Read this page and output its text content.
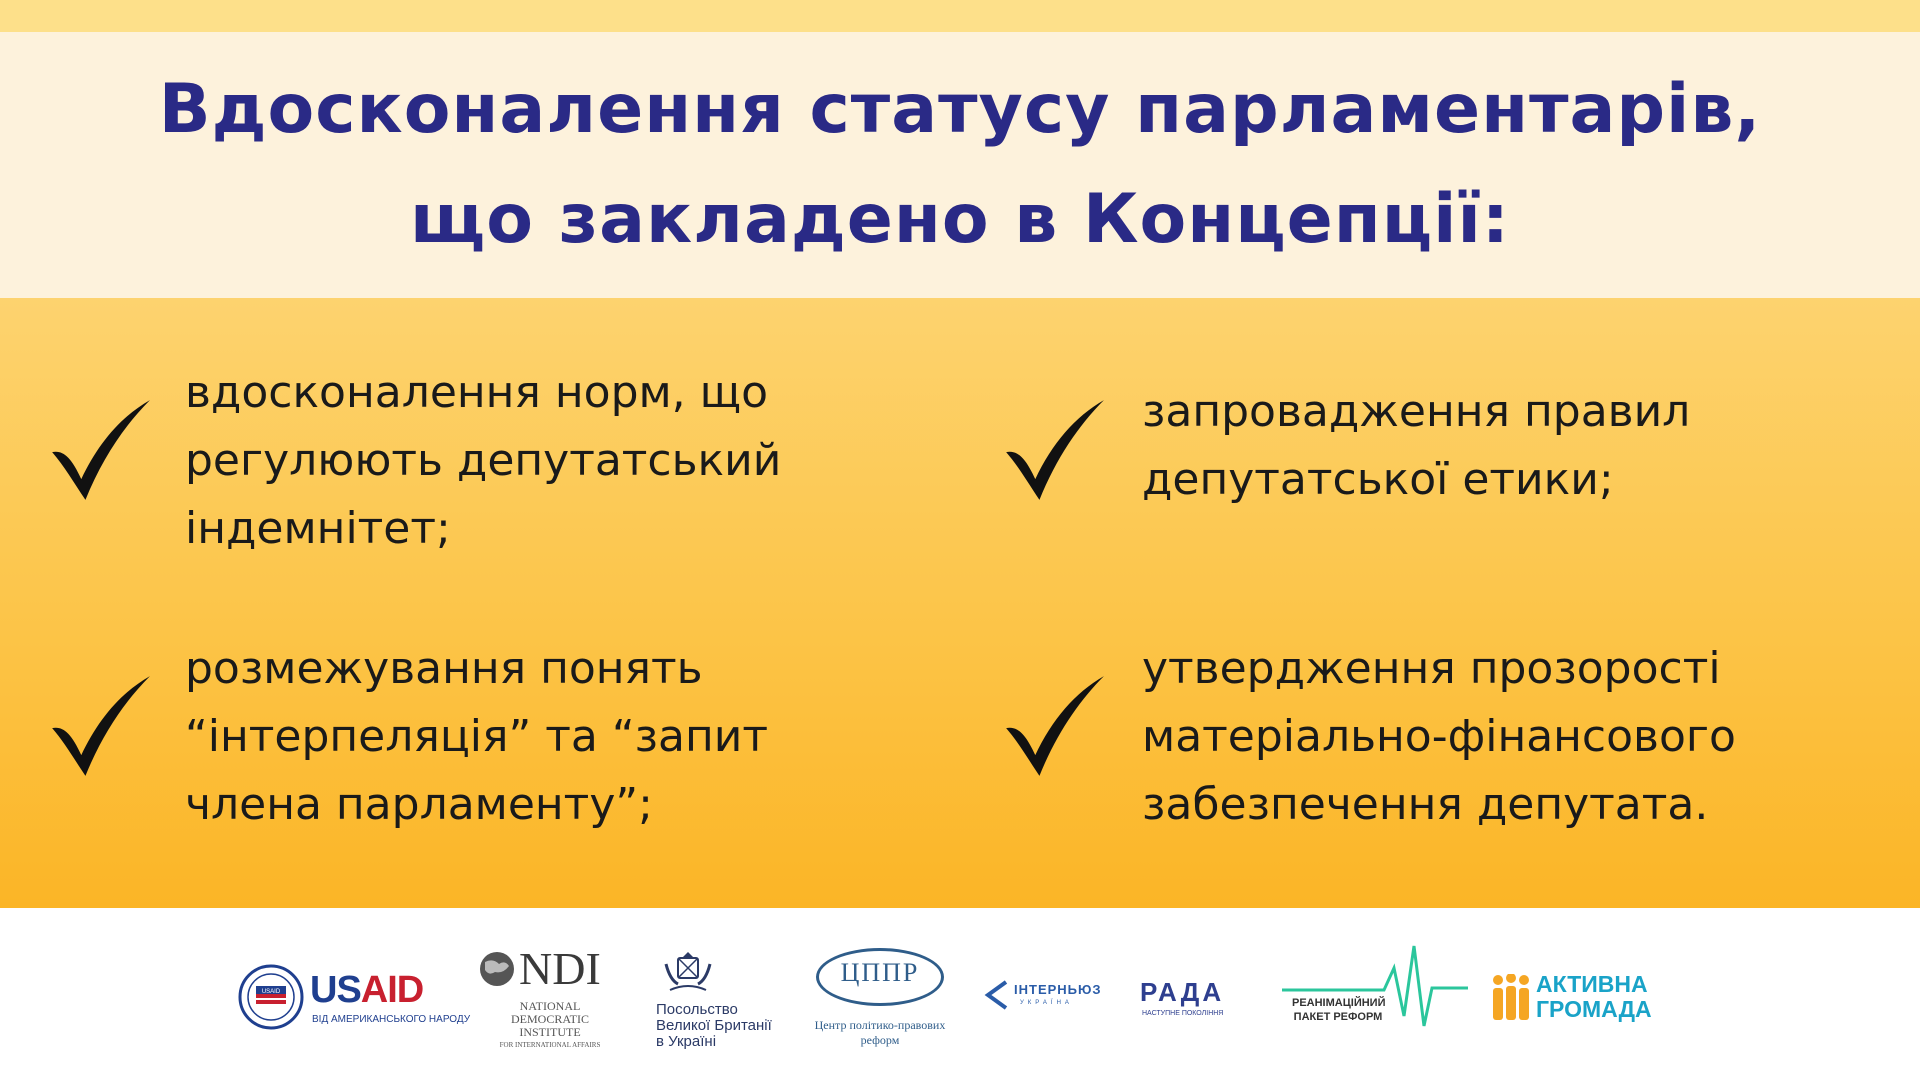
Вдосконалення статусу парламентарів,
що закладено в Концепції:
вдосконалення норм, що
регулюють депутатський
індемнітет;
запровадження правил
депутатської етики;
розмежування понять
“інтерпеляція” та “запит
члена парламенту”;
утвердження прозорості
матеріально-фінансового
забезпечення депутата.
USAID USAID
ВІД АМЕРИКАНСЬКОГО НАРОДУ
NDI
NATIONAL
DEMOCRATIC
INSTITUTE
FOR INTERNATIONAL AFFAIRS
Посольство
Великої Британії
в Україні
ЦППР
Центр політико-правових
реформ
ІНТЕРНЬЮЗ
УКРАЇНА	РАДА
НАСТУПНЕ ПОКОЛІННЯ
РЕАНІМАЦІЙНИЙ
ПАКЕТ РЕФОРМ
АКТИВНА
ГРОМАДА
